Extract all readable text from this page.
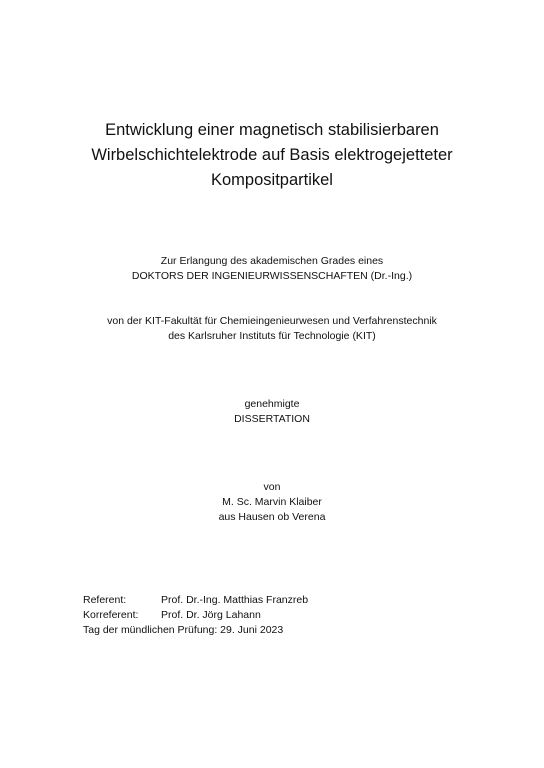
Entwicklung einer magnetisch stabilisierbaren
Wirbelschichtelektrode auf Basis elektrogejetteter
Kompositpartikel
Zur Erlangung des akademischen Grades eines
DOKTORS DER INGENIEURWISSENSCHAFTEN (Dr.-Ing.)
von der KIT-Fakultät für Chemieingenieurwesen und Verfahrenstechnik
des Karlsruher Instituts für Technologie (KIT)
genehmigte
DISSERTATION
von
M. Sc. Marvin Klaiber
aus Hausen ob Verena
Referent:	Prof. Dr.-Ing. Matthias Franzreb
Korreferent: Prof. Dr. Jörg Lahann
Tag der mündlichen Prüfung: 29. Juni 2023
